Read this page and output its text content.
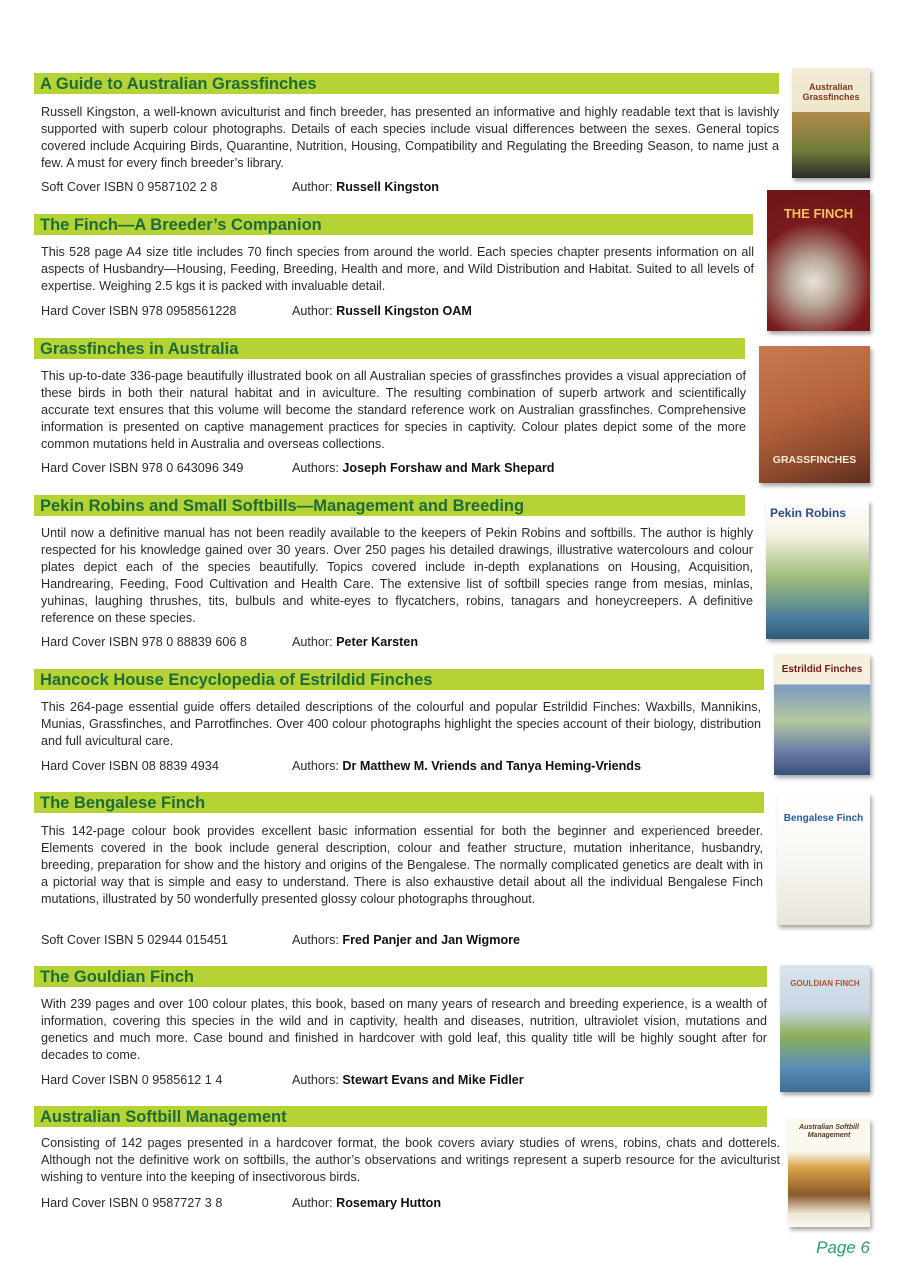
A Guide to Australian Grassfinches

Russell Kingston, a well-known aviculturist and finch breeder, has presented an informative and highly readable text that is lavishly supported with superb colour photographs. Details of each species include visual differences between the sexes. General topics covered include Acquiring Birds, Quarantine, Nutrition, Housing, Compatibility and Regulating the Breeding Season, to name just a few. A must for every finch breeder’s library.

Soft Cover ISBN 0 9587102 2 8	Author: Russell Kingston
Australian Grassfinches
The Finch—A Breeder’s Companion

This 528 page A4 size title includes 70 finch species from around the world. Each species chapter presents information on all aspects of Husbandry—Housing, Feeding, Breeding, Health and more, and Wild Distribution and Habitat. Suited to all levels of expertise. Weighing 2.5 kgs it is packed with invaluable detail.

Hard Cover ISBN 978 0958561228	Author: Russell Kingston OAM
THE FINCH
Grassfinches in Australia

This up-to-date 336-page beautifully illustrated book on all Australian species of grassfinches provides a visual appreciation of these birds in both their natural habitat and in aviculture. The resulting combination of superb artwork and scientifically accurate text ensures that this volume will become the standard reference work on Australian grassfinches. Comprehensive information is presented on captive management practices for species in captivity. Colour plates depict some of the more common mutations held in Australia and overseas collections.

Hard Cover ISBN 978 0 643096 349	Authors: Joseph Forshaw and Mark Shepard
GRASSFINCHES
Pekin Robins and Small Softbills—Management and Breeding

Until now a definitive manual has not been readily available to the keepers of Pekin Robins and softbills. The author is highly respected for his knowledge gained over 30 years. Over 250 pages his detailed drawings, illustrative watercolours and colour plates depict each of the species beautifully. Topics covered include in-depth explanations on Housing, Acquisition, Handrearing, Feeding, Food Cultivation and Health Care. The extensive list of softbill species range from mesias, minlas, yuhinas, laughing thrushes, tits, bulbuls and white-eyes to flycatchers, robins, tanagars and honeycreepers. A definitive reference on these species.

Hard Cover ISBN 978 0 88839 606 8	Author: Peter Karsten
Pekin Robins
Hancock House Encyclopedia of Estrildid Finches

This 264-page essential guide offers detailed descriptions of the colourful and popular Estrildid Finches: Waxbills, Mannikins, Munias, Grassfinches, and Parrotfinches. Over 400 colour photographs highlight the species account of their biology, distribution and full avicultural care.

Hard Cover ISBN 08 8839 4934	Authors: Dr Matthew M. Vriends and Tanya Heming-Vriends
Estrildid Finches
The Bengalese Finch

This 142-page colour book provides excellent basic information essential for both the beginner and experienced breeder. Elements covered in the book include general description, colour and feather structure, mutation inheritance, husbandry, breeding, preparation for show and the history and origins of the Bengalese. The normally complicated genetics are dealt with in a pictorial way that is simple and easy to understand. There is also exhaustive detail about all the individual Bengalese Finch mutations, illustrated by 50 wonderfully presented glossy colour photographs throughout.

Soft Cover ISBN 5 02944 015451	Authors: Fred Panjer and Jan Wigmore
Bengalese Finch
The Gouldian Finch

With 239 pages and over 100 colour plates, this book, based on many years of research and breeding experience, is a wealth of information, covering this species in the wild and in captivity, health and diseases, nutrition, ultraviolet vision, mutations and genetics and much more. Case bound and finished in hardcover with gold leaf, this quality title will be highly sought after for decades to come.

Hard Cover ISBN 0 9585612 1 4	Authors: Stewart Evans and Mike Fidler
GOULDIAN FINCH
Australian Softbill Management

Consisting of 142 pages presented in a hardcover format, the book covers aviary studies of wrens, robins, chats and dotterels. Although not the definitive work on softbills, the author’s observations and writings represent a superb resource for the aviculturist wishing to venture into the keeping of insectivorous birds.

Hard Cover ISBN 0 9587727 3 8	Author: Rosemary Hutton
Australian Softbill Management
Page 6
